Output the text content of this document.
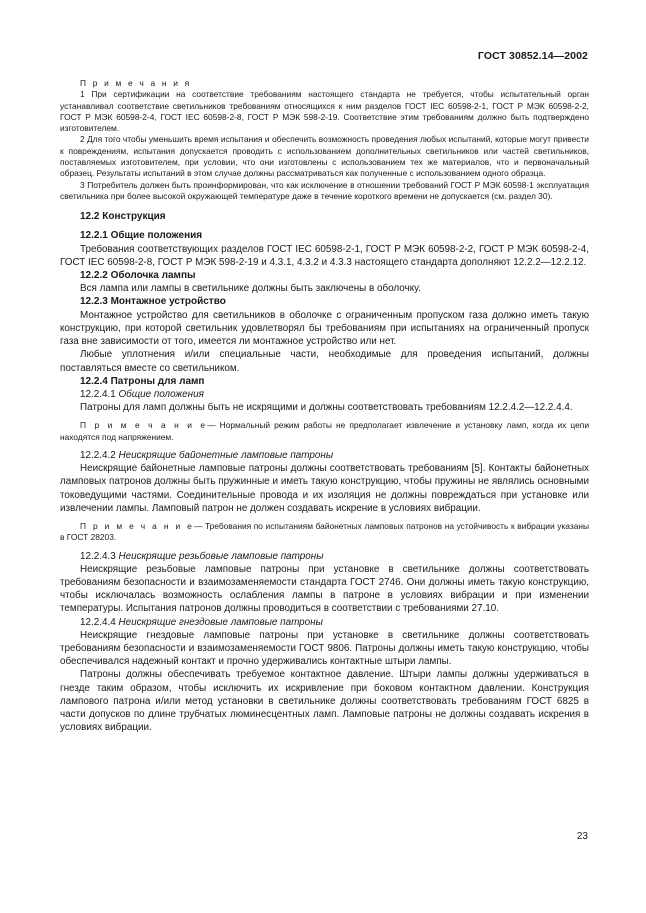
ГОСТ 30852.14—2002

П р и м е ч а н и я

1 При сертификации на соответствие требованиям настоящего стандарта не требуется, чтобы испытательный орган устанавливал соответствие светильников требованиям относящихся к ним разделов ГОСТ IEC 60598-2-1, ГОСТ Р МЭК 60598-2-2, ГОСТ Р МЭК 60598-2-4, ГОСТ IEC 60598-2-8, ГОСТ Р МЭК 598-2-19. Соответствие этим требованиям должно быть подтверждено изготовителем.

2 Для того чтобы уменьшить время испытания и обеспечить возможность проведения любых испытаний, которые могут привести к повреждениям, испытания допускается проводить с использованием дополнительных светильников или частей светильников, поставляемых изготовителем, при условии, что они изготовлены с использованием тех же материалов, что и первоначальный образец. Результаты испытаний в этом случае должны рассматриваться как полученные с использованием одного образца.

3 Потребитель должен быть проинформирован, что как исключение в отношении требований ГОСТ Р МЭК 60598-1 эксплуатация светильника при более высокой окружающей температуре даже в течение короткого времени не допускается (см. раздел 30).

12.2 Конструкция

12.2.1 Общие положения

Требования соответствующих разделов ГОСТ IEC 60598-2-1, ГОСТ Р МЭК 60598-2-2, ГОСТ Р МЭК 60598-2-4, ГОСТ IEC 60598-2-8, ГОСТ Р МЭК 598-2-19 и 4.3.1, 4.3.2 и 4.3.3 настоящего стандарта дополняют 12.2.2—12.2.12.

12.2.2 Оболочка лампы

Вся лампа или лампы в светильнике должны быть заключены в оболочку.

12.2.3 Монтажное устройство

Монтажное устройство для светильников в оболочке с ограниченным пропуском газа должно иметь такую конструкцию, при которой светильник удовлетворял бы требованиям при испытаниях на ограниченный пропуск газа вне зависимости от того, имеется ли монтажное устройство или нет.

Любые уплотнения и/или специальные части, необходимые для проведения испытаний, должны поставляться вместе со светильником.

12.2.4 Патроны для ламп

12.2.4.1 Общие положения

Патроны для ламп должны быть не искрящими и должны соответствовать требованиям 12.2.4.2—12.2.4.4.

П р и м е ч а н и е— Нормальный режим работы не предполагает извлечение и установку ламп, когда их цепи находятся под напряжением.

12.2.4.2 Неискрящие байонетные ламповые патроны

Неискрящие байонетные ламповые патроны должны соответствовать требованиям [5]. Контакты байонетных ламповых патронов должны быть пружинные и иметь такую конструкцию, чтобы пружины не являлись основными токоведущими частями. Соединительные провода и их изоляция не должны повреждаться при установке или извлечении лампы. Ламповый патрон не должен создавать искрение в условиях вибрации.

П р и м е ч а н и е— Требования по испытаниям байонетных ламповых патронов на устойчивость к вибрации указаны в ГОСТ 28203.

12.2.4.3 Неискрящие резьбовые ламповые патроны

Неискрящие резьбовые ламповые патроны при установке в светильнике должны соответствовать требованиям безопасности и взаимозаменяемости стандарта ГОСТ 2746. Они должны иметь такую конструкцию, чтобы исключалась возможность ослабления лампы в патроне в условиях вибрации и при изменении температуры. Испытания патронов должны проводиться в соответствии с требованиями 27.10.

12.2.4.4 Неискрящие гнездовые ламповые патроны

Неискрящие гнездовые ламповые патроны при установке в светильнике должны соответствовать требованиям безопасности и взаимозаменяемости ГОСТ 9806. Патроны должны иметь такую конструкцию, чтобы обеспечивался надежный контакт и прочно удерживались контактные штыри лампы.

Патроны должны обеспечивать требуемое контактное давление. Штыри лампы должны удерживаться в гнезде таким образом, чтобы исключить их искривление при боковом контактном давлении. Конструкция лампового патрона и/или метод установки в светильнике должны соответствовать требованиям ГОСТ 6825 в части допусков по длине трубчатых люминесцентных ламп. Ламповые патроны не должны создавать искрения в условиях вибрации.

23
